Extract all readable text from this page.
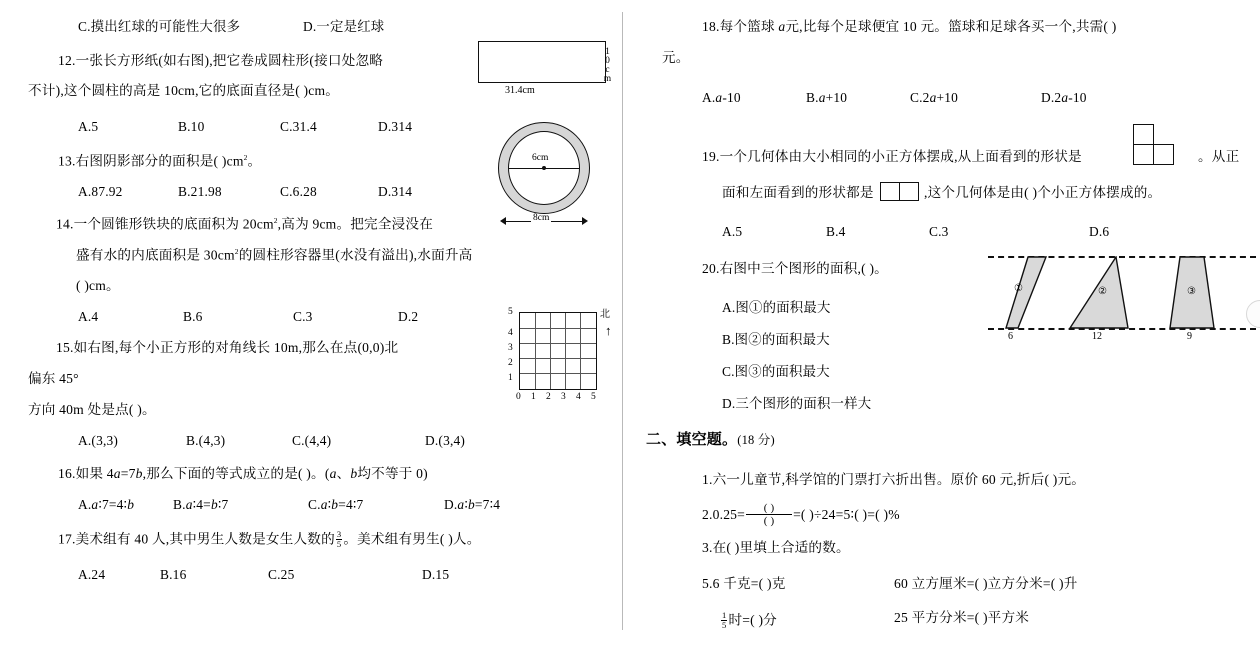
C.摸出红球的可能性大很多	D.一定是红球
12.一张长方形纸(如右图),把它卷成圆柱形(接口处忽略
不计),这个圆柱的高是 10cm,它的底面直径是( )cm。	31.4cm
10cm
A.5	B.10	C.31.4	D.314
13.右图阴影部分的面积是( )$cm^2$。	6cm
8cm
A.87.92	B.21.98	C.6.28	D.314
14.一个圆锥形铁块的底面积为 $20cm^2$,高为 9cm。把完全浸没在
盛有水的内底面积是 $30cm^2$的圆柱形容器里(水没有溢出),水面升高
( )cm。
A.4	B.6	C.3	D.2
15.如右图,每个小正方形的对角线长 10m,那么在点(0,0)北
偏东 45°
方向 40m 处是点( )。
0 1 2 3 4 5
1
2
3
4
5	北
↑
A.(3,3)	B.(4,3)	C.(4,4)	D.(3,4)
16.如果 4a=7b,那么下面的等式成立的是( )。(a、b均不等于 0)
A.a∶7=4∶b	B.a∶4=b∶7	C.a∶b=4∶7	D.a∶b=7∶4
17.美术组有 40 人,其中男生人数是女生人数的 $\frac{3}{5}$ 。美术组有男生( )人。
A.24	B.16	C.25	D.15
18.每个篮球 a元,比每个足球便宜 10 元。篮球和足球各买一个,共需( )
元。
A.a-10	B.a+10	C.2a+10	D.2a-10
19.一个几何体由大小相同的小正方体摆成,从上面看到的形状是	。从正
面和左面看到的形状都是	,这个几何体是由( )个小正方体摆成的。
A.5	B.4	C.3	D.6
20.右图中三个图形的面积,( )。
A.图①的面积最大
B.图②的面积最大
C.图③的面积最大
D.三个图形的面积一样大
二、填空题。(18 分)
1.六一儿童节,科学馆的门票打六折出售。原价 60 元,折后( )元。
$2.0.25= \frac{( )}{( )}$ =( )÷24=5∶( )=( )%
3.在( )里填上合适的数。
5.6 千克=( )克	60 立方厘米=( )立方分米=( )升
$\frac{1}{5}$ 时=( )分	25 平方分米=( )平方米
①	②	③
6	12	9
